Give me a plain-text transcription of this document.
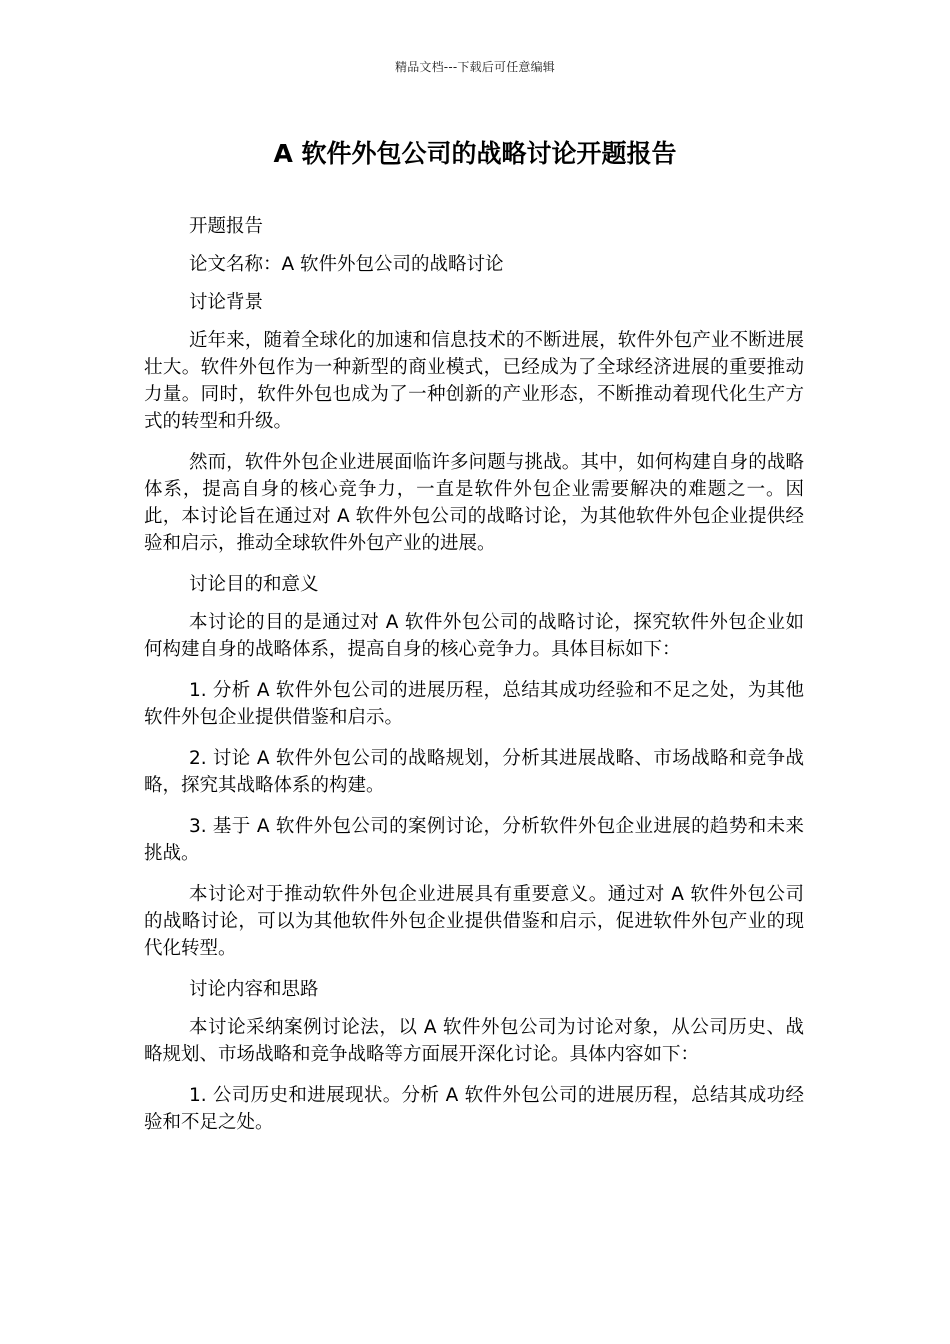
精品文档---下载后可任意编辑
A 软件外包公司的战略讨论开题报告

开题报告

论文名称：A 软件外包公司的战略讨论

讨论背景

近年来，随着全球化的加速和信息技术的不断进展，软件外包产业不断进展壮大。软件外包作为一种新型的商业模式，已经成为了全球经济进展的重要推动力量。同时，软件外包也成为了一种创新的产业形态，不断推动着现代化生产方式的转型和升级。

然而，软件外包企业进展面临许多问题与挑战。其中，如何构建自身的战略体系，提高自身的核心竞争力，一直是软件外包企业需要解决的难题之一。因此，本讨论旨在通过对 A 软件外包公司的战略讨论，为其他软件外包企业提供经验和启示，推动全球软件外包产业的进展。

讨论目的和意义

本讨论的目的是通过对 A 软件外包公司的战略讨论，探究软件外包企业如何构建自身的战略体系，提高自身的核心竞争力。具体目标如下：

1. 分析 A 软件外包公司的进展历程，总结其成功经验和不足之处，为其他软件外包企业提供借鉴和启示。

2. 讨论 A 软件外包公司的战略规划，分析其进展战略、市场战略和竞争战略，探究其战略体系的构建。

3. 基于 A 软件外包公司的案例讨论，分析软件外包企业进展的趋势和未来挑战。

本讨论对于推动软件外包企业进展具有重要意义。通过对 A 软件外包公司的战略讨论，可以为其他软件外包企业提供借鉴和启示，促进软件外包产业的现代化转型。

讨论内容和思路

本讨论采纳案例讨论法，以 A 软件外包公司为讨论对象，从公司历史、战略规划、市场战略和竞争战略等方面展开深化讨论。具体内容如下：

1. 公司历史和进展现状。分析 A 软件外包公司的进展历程，总结其成功经验和不足之处。
